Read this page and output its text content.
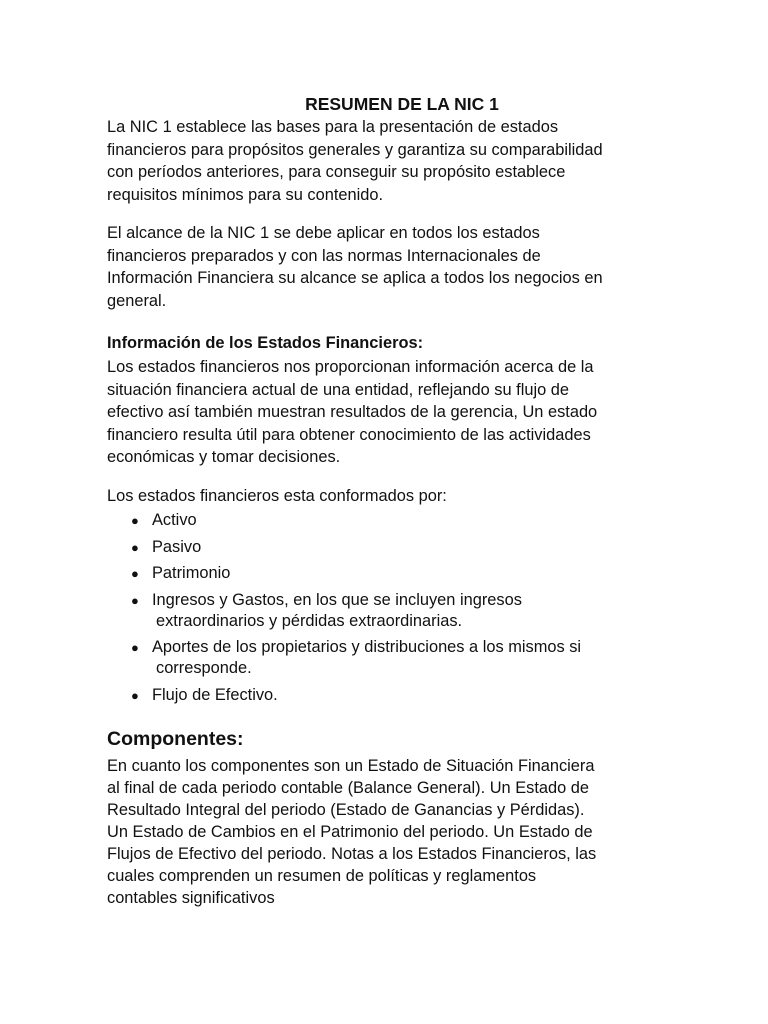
RESUMEN DE LA NIC 1

La NIC 1 establece las bases para la presentación de estados
financieros para propósitos generales y garantiza su comparabilidad
con períodos anteriores, para conseguir su propósito establece
requisitos mínimos para su contenido.

El alcance de la NIC 1 se debe aplicar en todos los estados
financieros preparados y con las normas Internacionales de
Información Financiera su alcance se aplica a todos los negocios en
general.

Información de los Estados Financieros:

Los estados financieros nos proporcionan información acerca de la
situación financiera actual de una entidad, reflejando su flujo de
efectivo así también muestran resultados de la gerencia, Un estado
financiero resulta útil para obtener conocimiento de las actividades
económicas y tomar decisiones.

Los estados financieros esta conformados por:

● Activo
● Pasivo
● Patrimonio
● Ingresos y Gastos, en los que se incluyen ingresos
extraordinarios y pérdidas extraordinarias.
● Aportes de los propietarios y distribuciones a los mismos si
corresponde.
● Flujo de Efectivo.
Componentes:

En cuanto los componentes son un Estado de Situación Financiera
al final de cada periodo contable (Balance General). Un Estado de
Resultado Integral del periodo (Estado de Ganancias y Pérdidas).
Un Estado de Cambios en el Patrimonio del periodo. Un Estado de
Flujos de Efectivo del periodo. Notas a los Estados Financieros, las
cuales comprenden un resumen de políticas y reglamentos
contables significativos
